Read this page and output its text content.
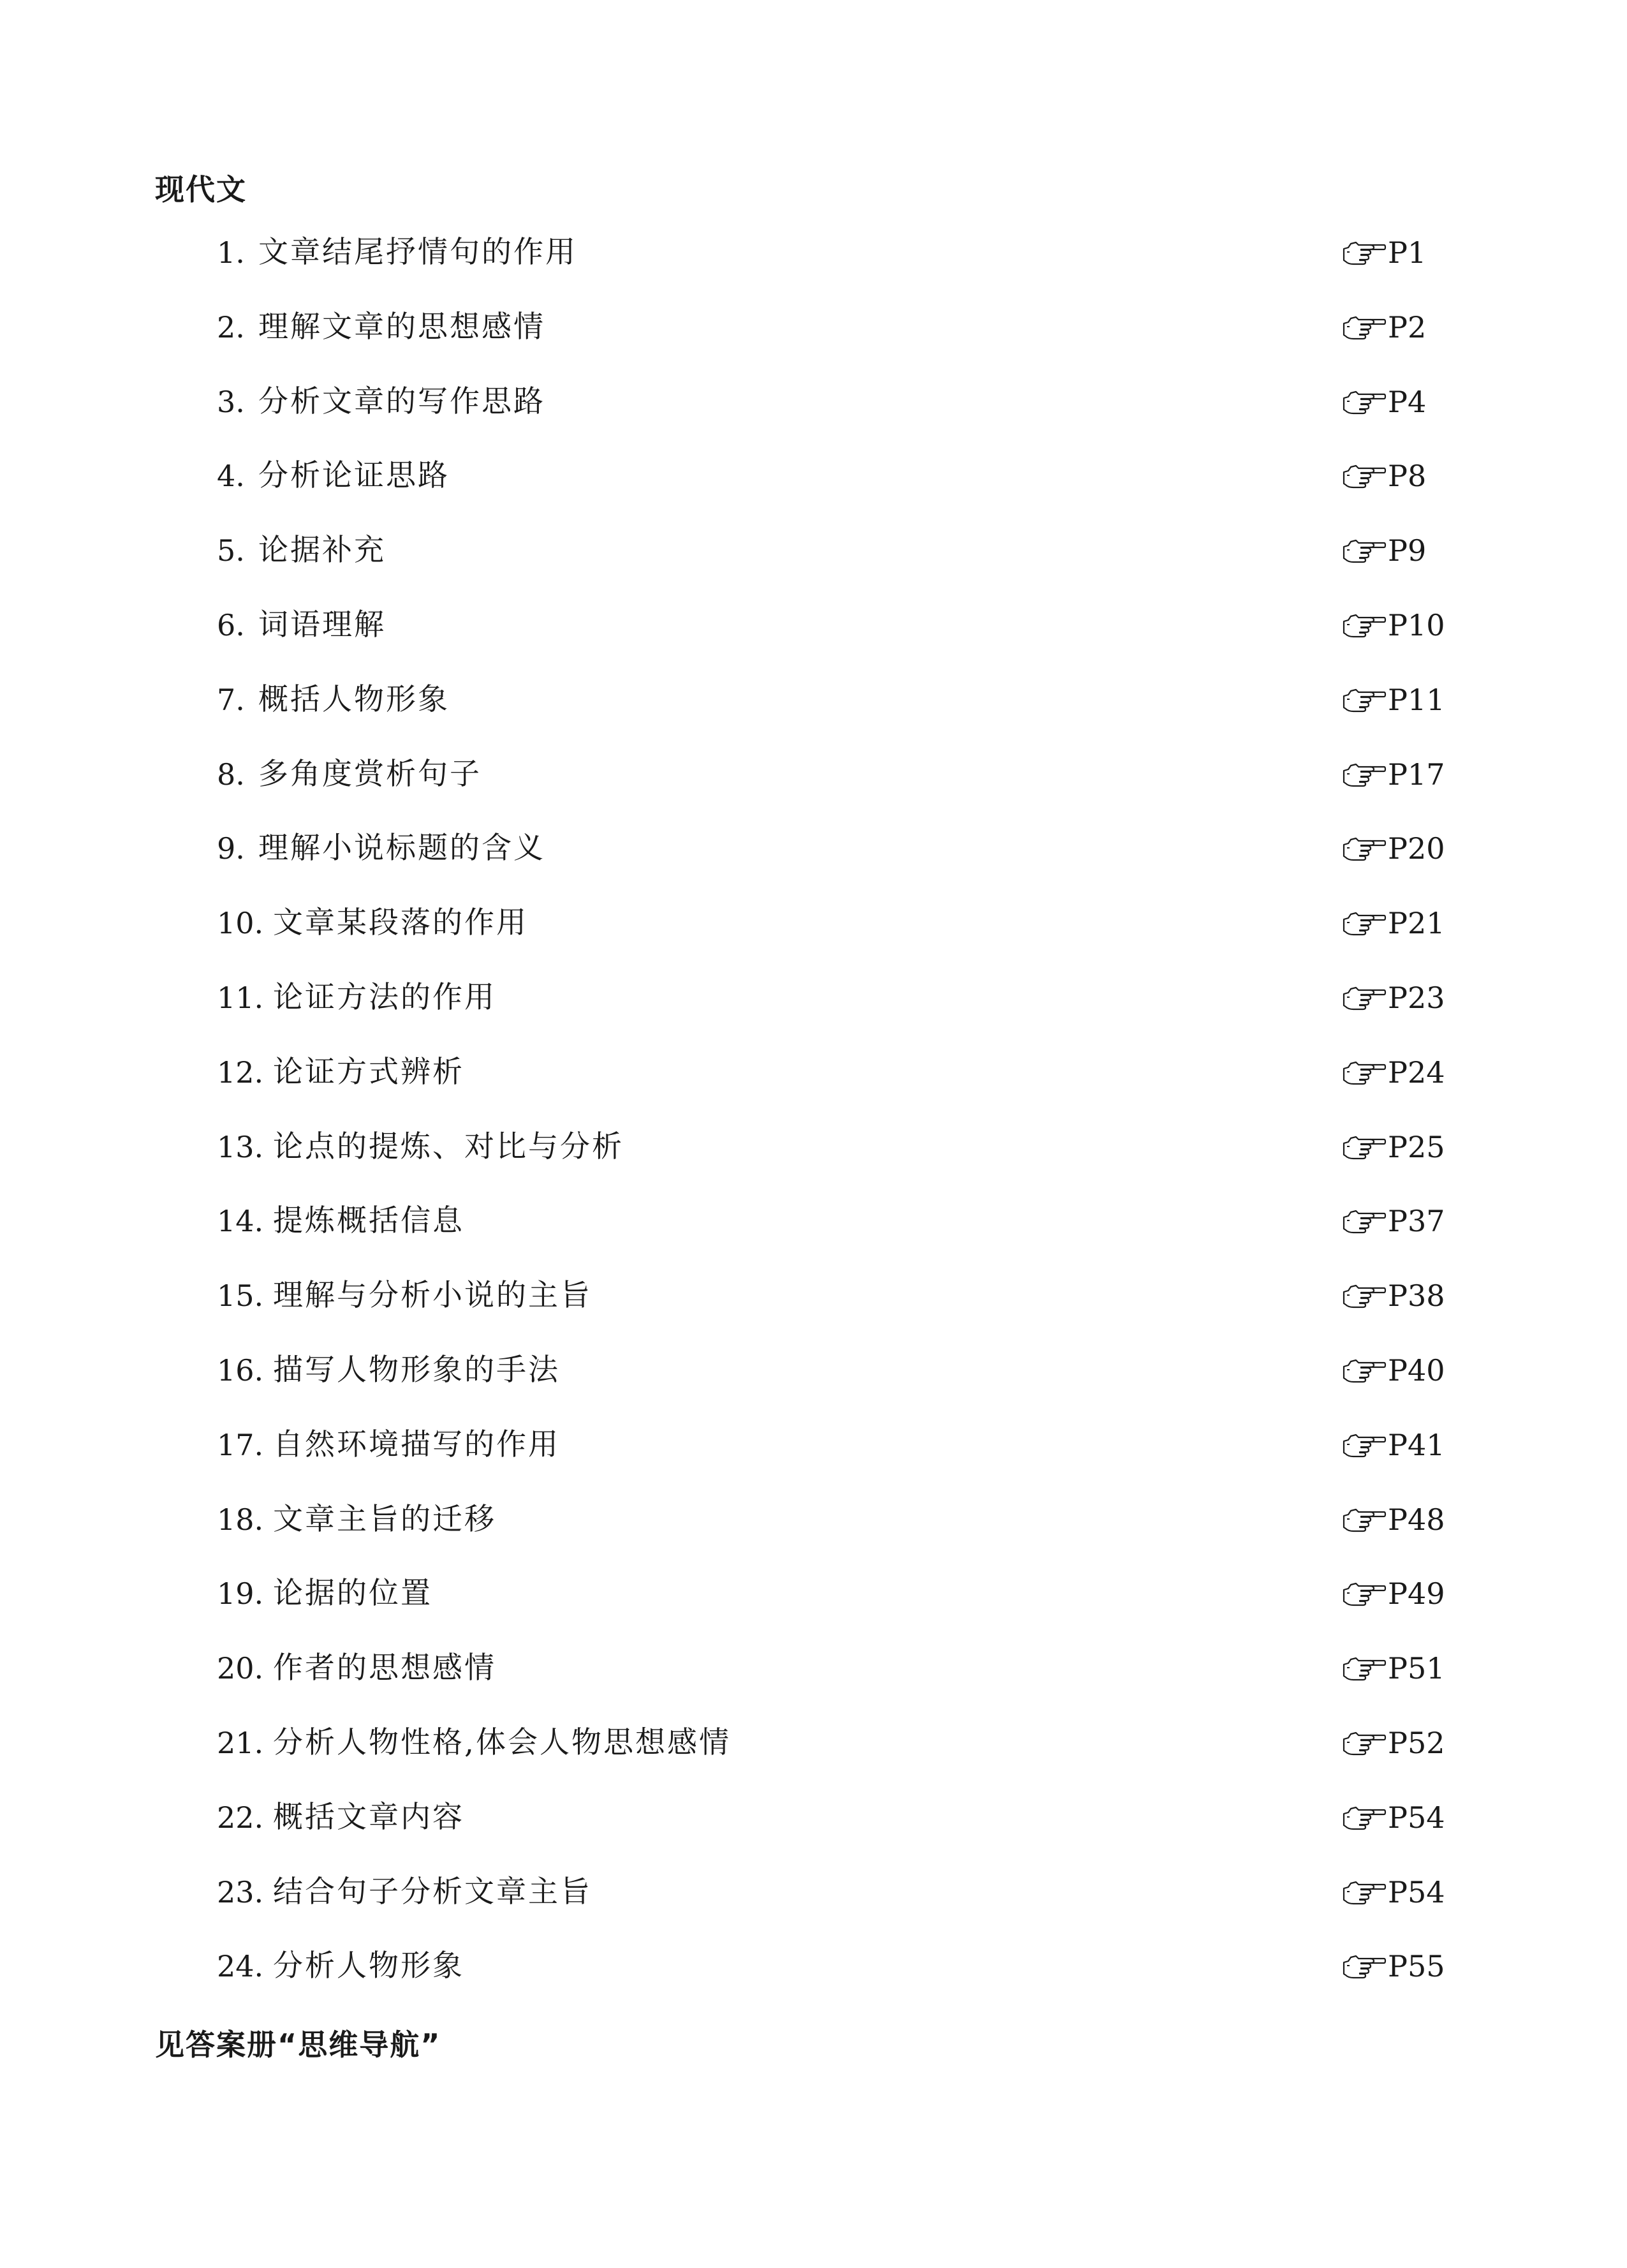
现代文
1. 文章结尾抒情句的作用	P1
2. 理解文章的思想感情	P2
3. 分析文章的写作思路	P4
4. 分析论证思路	P8
5. 论据补充	P9
6. 词语理解	P10
7. 概括人物形象	P11
8. 多角度赏析句子	P17
9. 理解小说标题的含义	P20
10. 文章某段落的作用	P21
11. 论证方法的作用	P23
12. 论证方式辨析	P24
13. 论点的提炼、对比与分析	P25
14. 提炼概括信息	P37
15. 理解与分析小说的主旨	P38
16. 描写人物形象的手法	P40
17. 自然环境描写的作用	P41
18. 文章主旨的迁移	P48
19. 论据的位置	P49
20. 作者的思想感情	P51
21. 分析人物性格,体会人物思想感情	P52
22. 概括文章内容	P54
23. 结合句子分析文章主旨	P54
24. 分析人物形象	P55
见答案册“思维导航”
